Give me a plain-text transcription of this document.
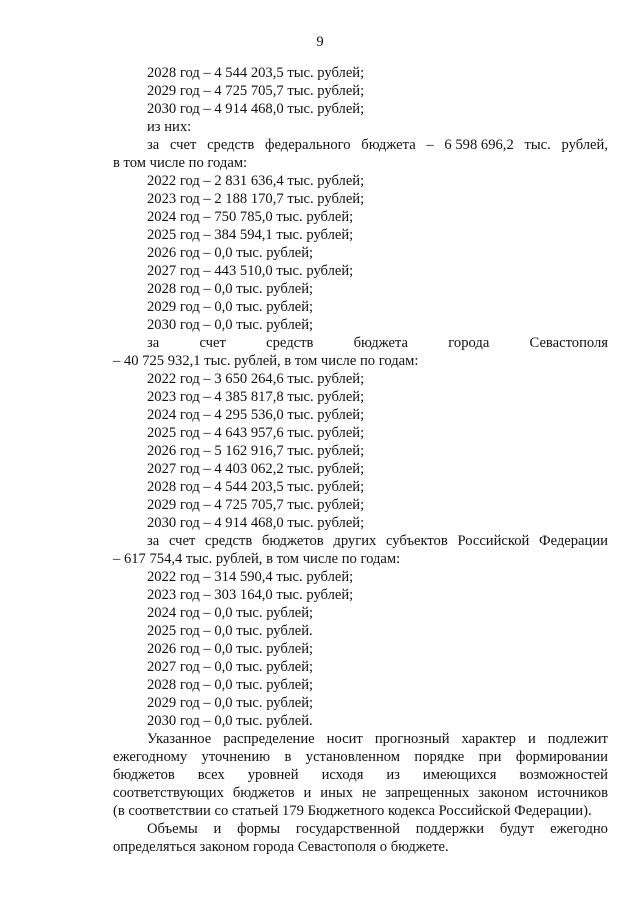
9
2028 год – 4 544 203,5 тыс. рублей;
2029 год – 4 725 705,7 тыс. рублей;
2030 год – 4 914 468,0 тыс. рублей;
из них:
за счет средств федерального бюджета – 6 598 696,2 тыс. рублей,
в том числе по годам:
2022 год – 2 831 636,4 тыс. рублей;
2023 год – 2 188 170,7 тыс. рублей;
2024 год – 750 785,0 тыс. рублей;
2025 год – 384 594,1 тыс. рублей;
2026 год – 0,0 тыс. рублей;
2027 год – 443 510,0 тыс. рублей;
2028 год – 0,0 тыс. рублей;
2029 год – 0,0 тыс. рублей;
2030 год – 0,0 тыс. рублей;
за	счет	средств	бюджета	города	Севастополя
– 40 725 932,1 тыс. рублей, в том числе по годам:
2022 год – 3 650 264,6 тыс. рублей;
2023 год – 4 385 817,8 тыс. рублей;
2024 год – 4 295 536,0 тыс. рублей;
2025 год – 4 643 957,6 тыс. рублей;
2026 год – 5 162 916,7 тыс. рублей;
2027 год – 4 403 062,2 тыс. рублей;
2028 год – 4 544 203,5 тыс. рублей;
2029 год – 4 725 705,7 тыс. рублей;
2030 год – 4 914 468,0 тыс. рублей;
за счет средств бюджетов других субъектов Российской Федерации
– 617 754,4 тыс. рублей, в том числе по годам:
2022 год – 314 590,4 тыс. рублей;
2023 год – 303 164,0 тыс. рублей;
2024 год – 0,0 тыс. рублей;
2025 год – 0,0 тыс. рублей.
2026 год – 0,0 тыс. рублей;
2027 год – 0,0 тыс. рублей;
2028 год – 0,0 тыс. рублей;
2029 год – 0,0 тыс. рублей;
2030 год – 0,0 тыс. рублей.
Указанное распределение носит прогнозный характер и подлежит
ежегодному уточнению в установленном порядке при формировании
бюджетов всех уровней исходя из имеющихся возможностей
соответствующих бюджетов и иных не запрещенных законом источников
(в соответствии со статьей 179 Бюджетного кодекса Российской Федерации).
Объемы и формы государственной поддержки будут ежегодно
определяться законом города Севастополя о бюджете.
